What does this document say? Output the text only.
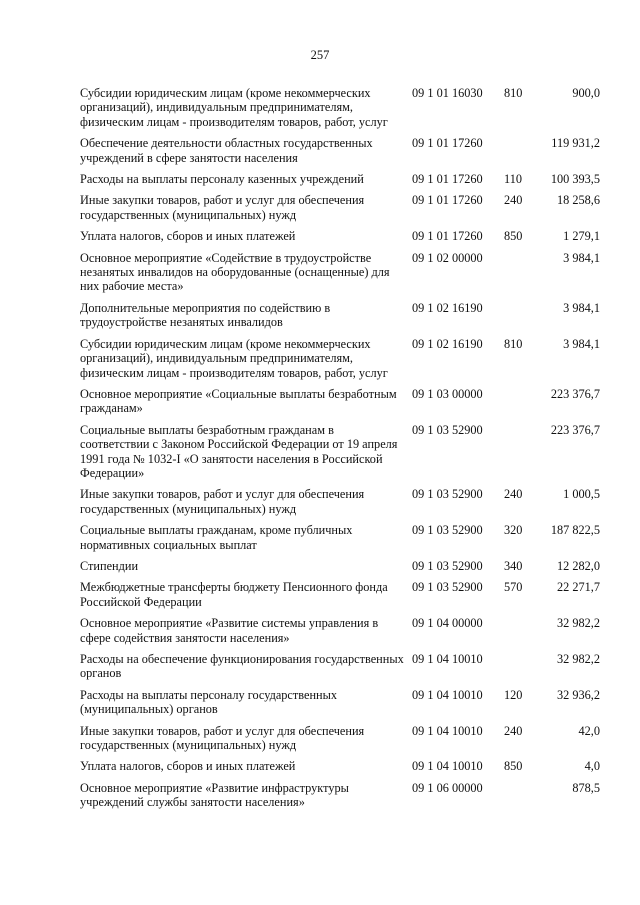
257
Субсидии юридическим лицам (кроме некоммерческих организаций), индивидуальным предпринимателям, физическим лицам - производителям товаров, работ, услуг	09 1 01 16030	810	900,0
Обеспечение деятельности областных государственных учреждений в сфере занятости населения	09 1 01 17260		119 931,2
Расходы на выплаты персоналу казенных учреждений	09 1 01 17260	110	100 393,5
Иные закупки товаров, работ и услуг для обеспечения государственных (муниципальных) нужд	09 1 01 17260	240	18 258,6
Уплата налогов, сборов и иных платежей	09 1 01 17260	850	1 279,1
Основное мероприятие «Содействие в трудоустройстве незанятых инвалидов на оборудованные (оснащенные) для них рабочие места»	09 1 02 00000		3 984,1
Дополнительные мероприятия по содействию в трудоустройстве незанятых инвалидов	09 1 02 16190		3 984,1
Субсидии юридическим лицам (кроме некоммерческих организаций), индивидуальным предпринимателям, физическим лицам - производителям товаров, работ, услуг	09 1 02 16190	810	3 984,1
Основное мероприятие «Социальные выплаты безработным гражданам»	09 1 03 00000		223 376,7
Социальные выплаты безработным гражданам в соответствии с Законом Российской Федерации от 19 апреля 1991 года № 1032-I «О занятости населения в Российской Федерации»	09 1 03 52900		223 376,7
Иные закупки товаров, работ и услуг для обеспечения государственных (муниципальных) нужд	09 1 03 52900	240	1 000,5
Социальные выплаты гражданам, кроме публичных нормативных социальных выплат	09 1 03 52900	320	187 822,5
Стипендии	09 1 03 52900	340	12 282,0
Межбюджетные трансферты бюджету Пенсионного фонда Российской Федерации	09 1 03 52900	570	22 271,7
Основное мероприятие «Развитие системы управления в сфере содействия занятости населения»	09 1 04 00000		32 982,2
Расходы на обеспечение функционирования государственных органов	09 1 04 10010		32 982,2
Расходы на выплаты персоналу государственных (муниципальных) органов	09 1 04 10010	120	32 936,2
Иные закупки товаров, работ и услуг для обеспечения государственных (муниципальных) нужд	09 1 04 10010	240	42,0
Уплата налогов, сборов и иных платежей	09 1 04 10010	850	4,0
Основное мероприятие «Развитие инфраструктуры учреждений службы занятости населения»	09 1 06 00000		878,5
